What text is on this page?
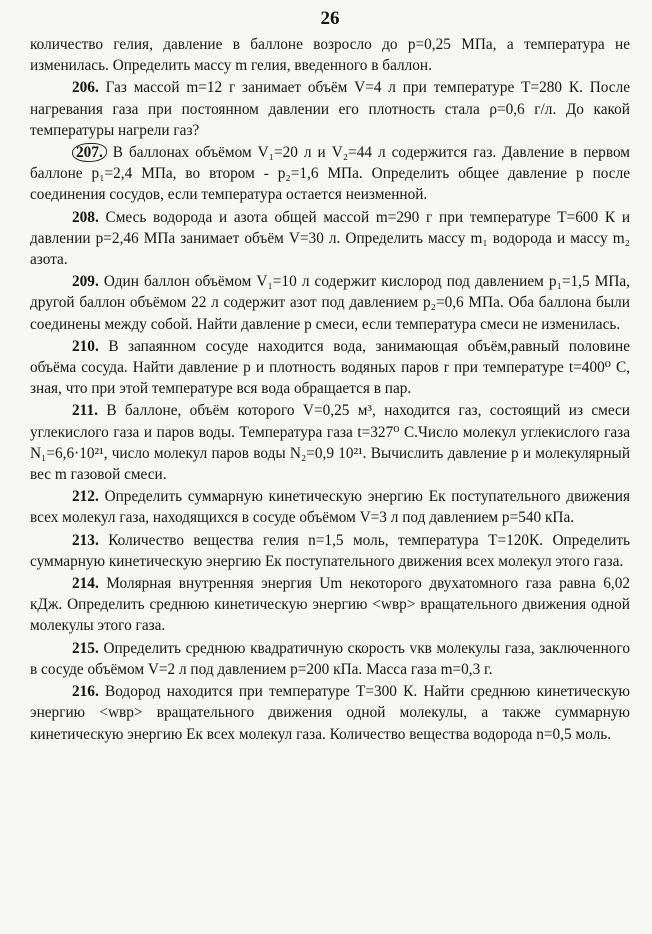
26

количество гелия, давление в баллоне возросло до p=0,25 МПа, а температура не изменилась. Определить массу m гелия, введенного в баллон.

206. Газ массой m=12 г занимает объём V=4 л при температуре T=280 К. После нагревания газа при постоянном давлении его плотность стала ρ=0,6 г/л. До какой температуры нагрели газ?

207. В баллонах объёмом V₁=20 л и V₂=44 л содержится газ. Давление в первом баллоне p₁=2,4 МПа, во втором - p₂=1,6 МПа. Определить общее давление p после соединения сосудов, если температура остается неизменной.

208. Смесь водорода и азота общей массой m=290 г при температуре T=600 К и давлении p=2,46 МПа занимает объём V=30 л. Определить массу m₁ водорода и массу m₂ азота.

209. Один баллон объёмом V₁=10 л содержит кислород под давлением p₁=1,5 МПа, другой баллон объёмом 22 л содержит азот под давлением p₂=0,6 МПа. Оба баллона были соединены между собой. Найти давление p смеси, если температура смеси не изменилась.

210. В запаянном сосуде находится вода, занимающая объём,равный половине объёма сосуда. Найти давление p и плотность водяных паров r при температуре t=400⁰ С, зная, что при этой температуре вся вода обращается в пар.

211. В баллоне, объём которого V=0,25 м³, находится газ, состоящий из смеси углекислого газа и паров воды. Температура газа t=327⁰ С.Число молекул углекислого газа N₁=6,6·10²¹, число молекул паров воды N₂=0,9 10²¹. Вычислить давление p и молекулярный вес m газовой смеси.

212. Определить суммарную кинетическую энергию Eк поступательного движения всех молекул газа, находящихся в сосуде объёмом V=3 л под давлением p=540 кПа.

213. Количество вещества гелия n=1,5 моль, температура T=120К. Определить суммарную кинетическую энергию Eк поступательного движения всех молекул этого газа.

214. Молярная внутренняя энергия Um некоторого двухатомного газа равна 6,02 кДж. Определить среднюю кинетическую энергию <wвр> вращательного движения одной молекулы этого газа.

215. Определить среднюю квадратичную скорость vкв молекулы газа, заключенного в сосуде объёмом V=2 л под давлением p=200 кПа. Масса газа m=0,3 г.

216. Водород находится при температуре T=300 К. Найти среднюю кинетическую энергию <wвр> вращательного движения одной молекулы, а также суммарную кинетическую энергию Eк всех молекул газа. Количество вещества водорода n=0,5 моль.
